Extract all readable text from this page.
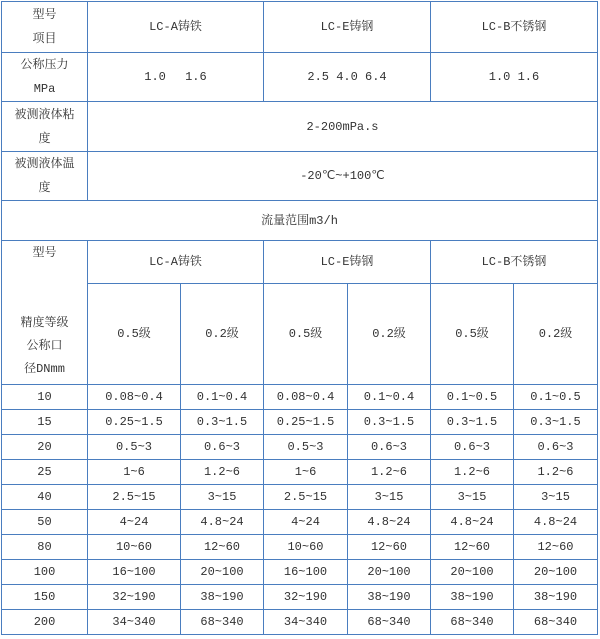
型号
项目	LC-A铸铁		LC-E铸钢		LC-B不锈钢	

公称压力
MPa	1.0　 1.6		2.5 4.0 6.4		1.0 1.6	

被测液体粘
度	2-200mPa.s					

被测液体温
度	-20℃~+100℃					
流量范围m3/h						

型号
精度等级
公称口
径DNmm	LC-A铸铁		LC-E铸钢		LC-B不锈钢	
	0.5级	0.2级	0.5级	0.2级	0.5级	0.2级
10	0.08~0.4	0.1~0.4	0.08~0.4	0.1~0.4	0.1~0.5	0.1~0.5
15	0.25~1.5	0.3~1.5	0.25~1.5	0.3~1.5	0.3~1.5	0.3~1.5
20	0.5~3	0.6~3	0.5~3	0.6~3	0.6~3	0.6~3
25	1~6	1.2~6	1~6	1.2~6	1.2~6	1.2~6
40	2.5~15	3~15	2.5~15	3~15	3~15	3~15
50	4~24	4.8~24	4~24	4.8~24	4.8~24	4.8~24
80	10~60	12~60	10~60	12~60	12~60	12~60
100	16~100	20~100	16~100	20~100	20~100	20~100
150	32~190	38~190	32~190	38~190	38~190	38~190
200	34~340	68~340	34~340	68~340	68~340	68~340
